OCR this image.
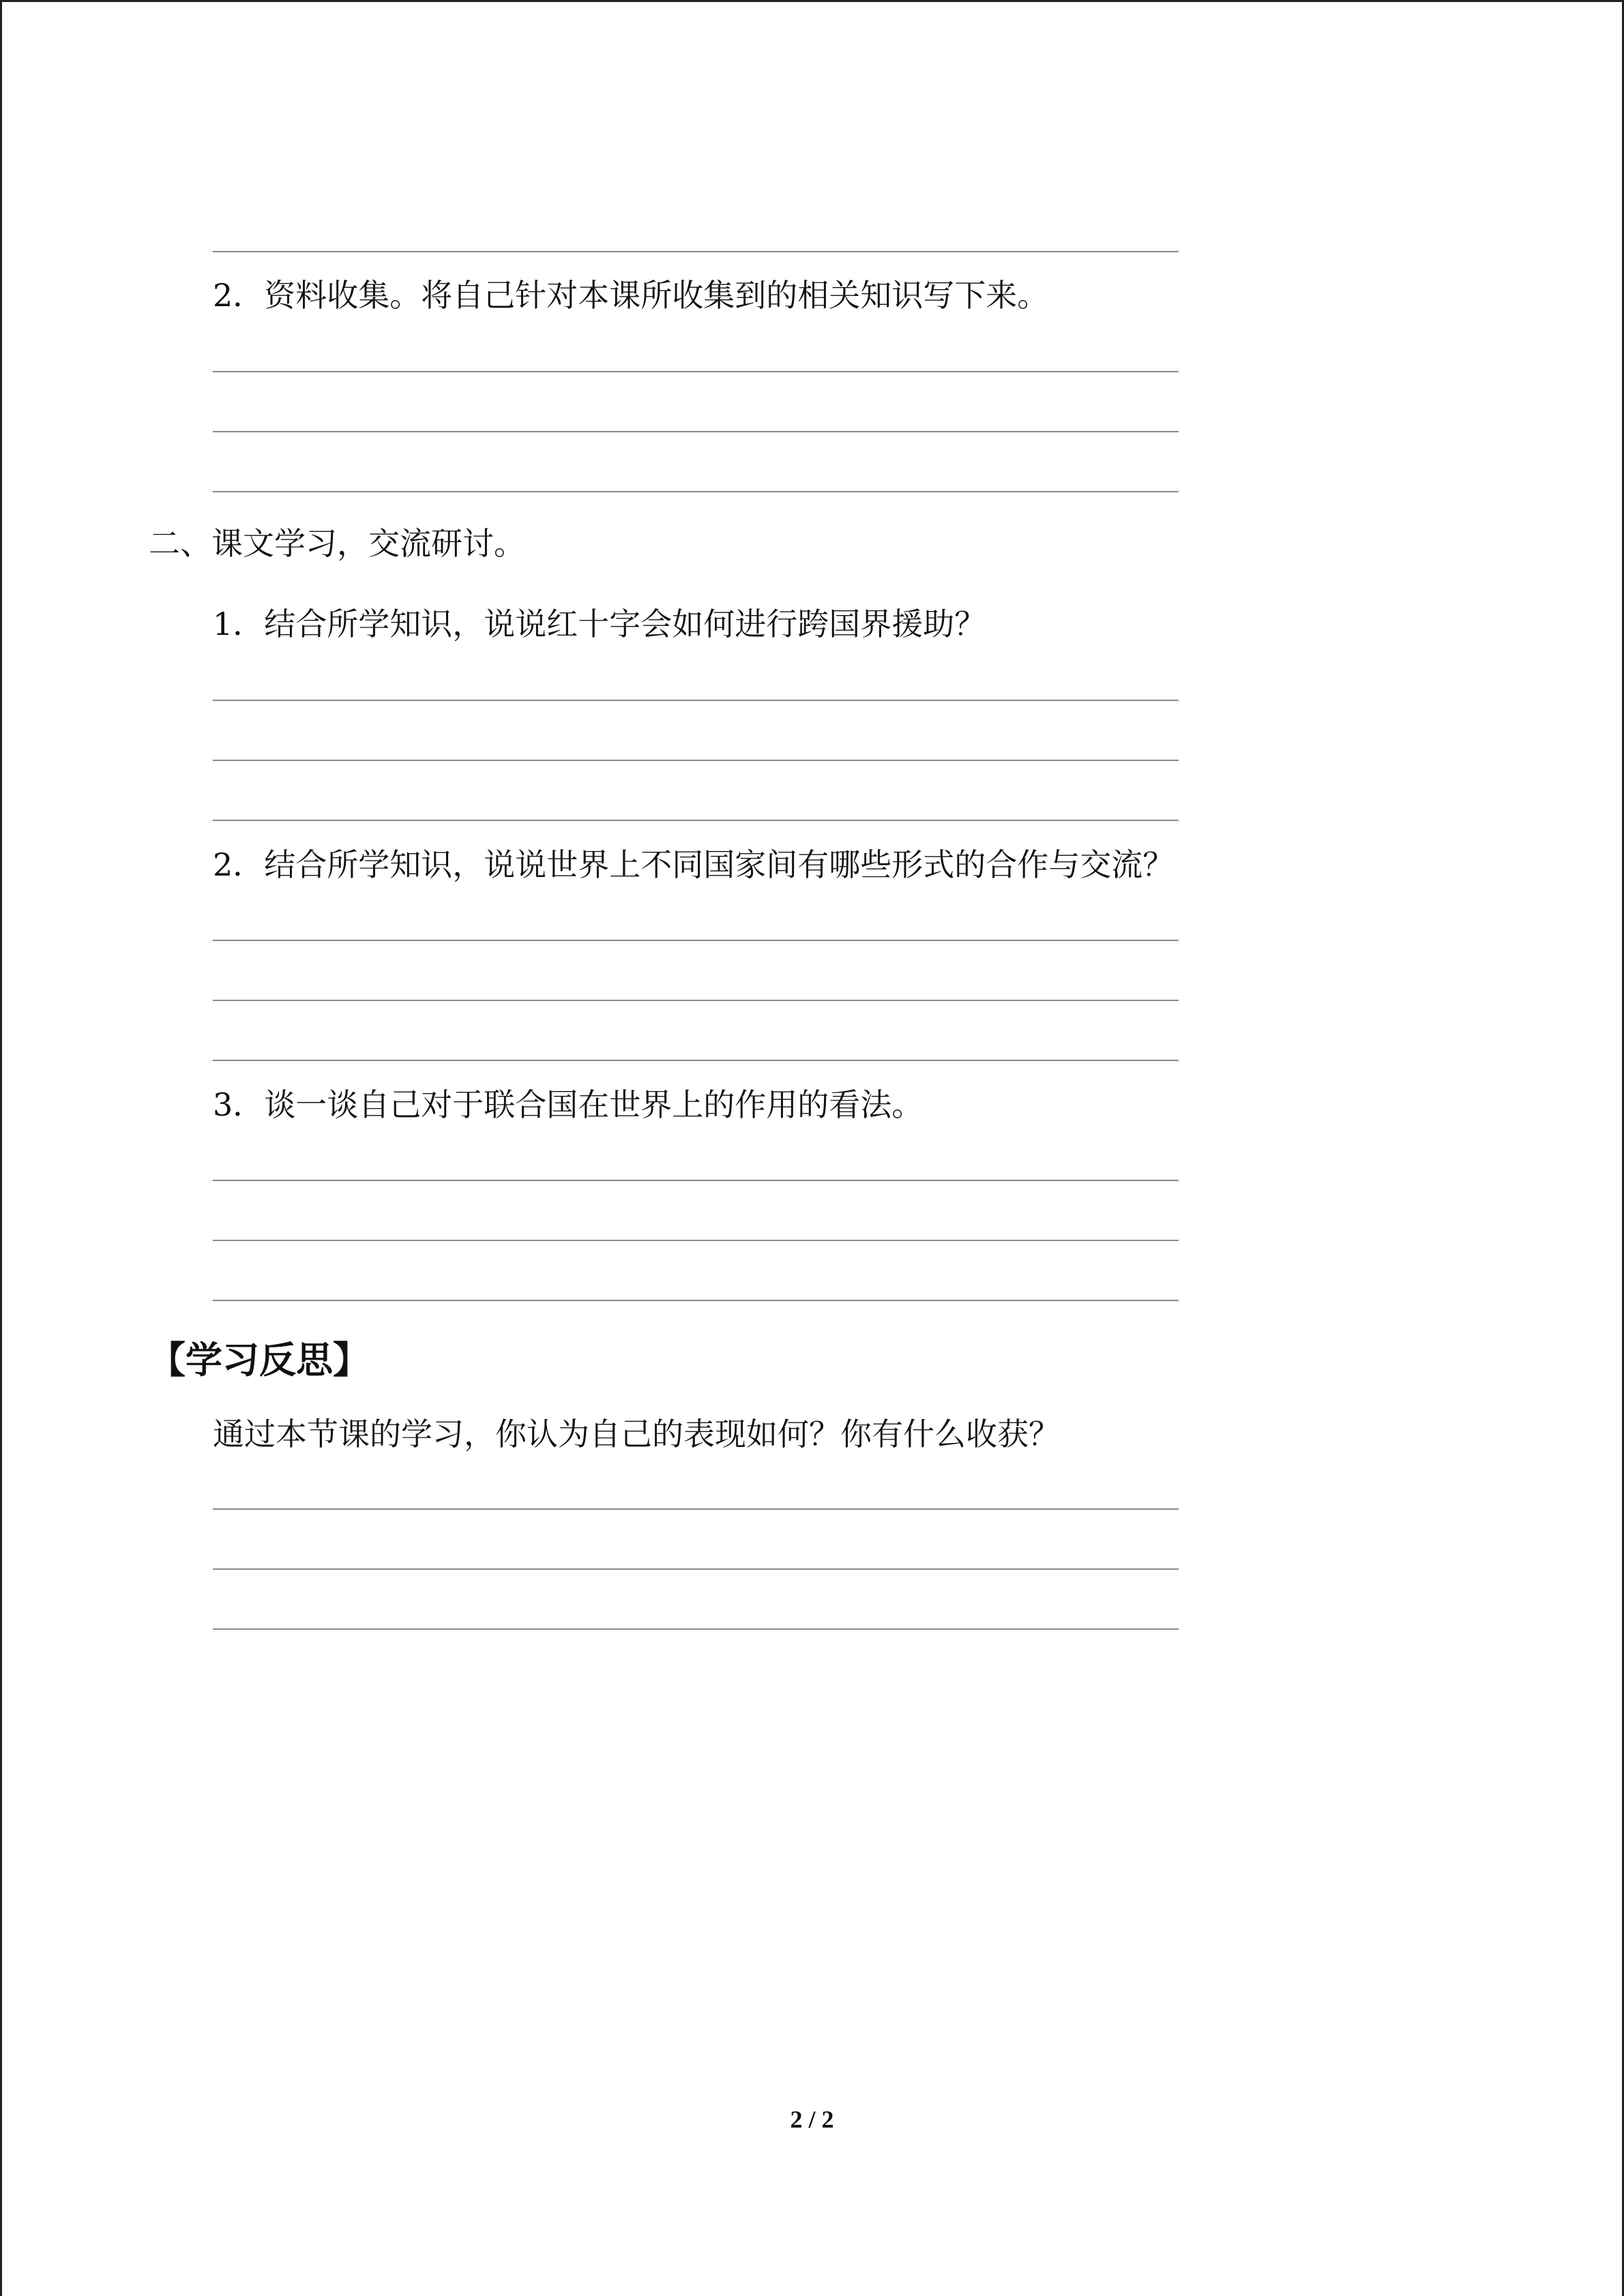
2．资料收集。将自己针对本课所收集到的相关知识写下来。
二、课文学习，交流研讨。
1．结合所学知识，说说红十字会如何进行跨国界援助？
2．结合所学知识，说说世界上不同国家间有哪些形式的合作与交流？
3．谈一谈自己对于联合国在世界上的作用的看法。
【学习反思】
通过本节课的学习，你认为自己的表现如何？你有什么收获？
2 / 2
